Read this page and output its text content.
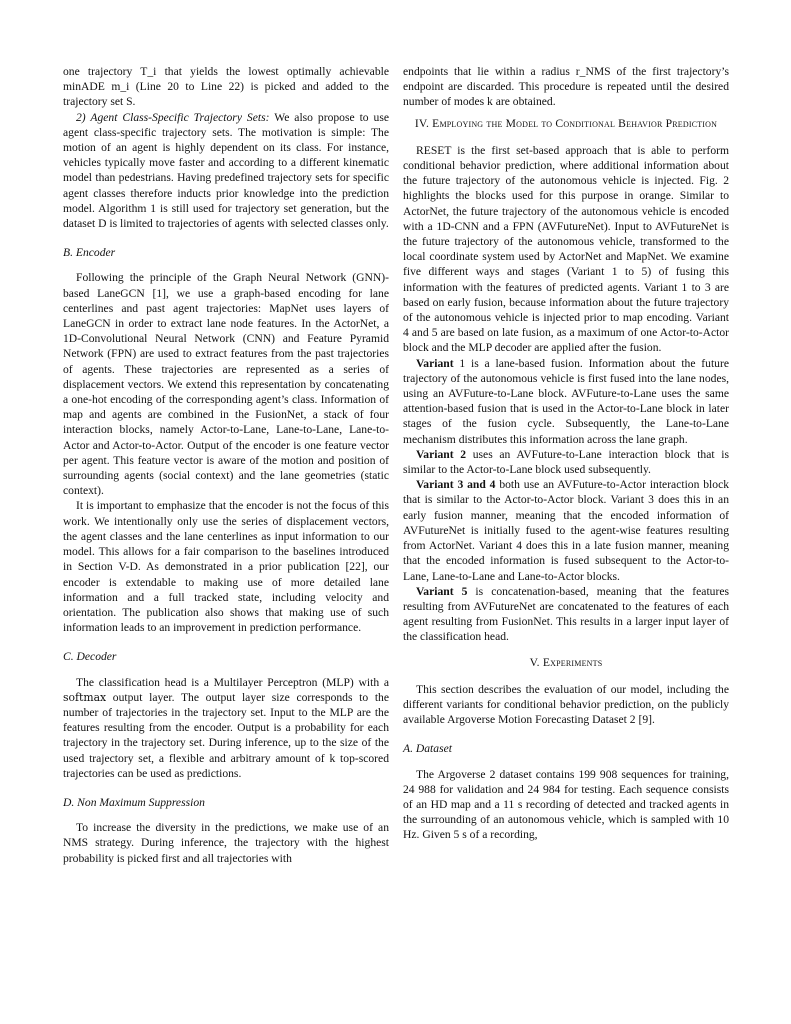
one trajectory T_i that yields the lowest optimally achievable minADE m_i (Line 20 to Line 22) is picked and added to the trajectory set S.

2) Agent Class-Specific Trajectory Sets: We also propose to use agent class-specific trajectory sets. The motivation is simple: The motion of an agent is highly dependent on its class. For instance, vehicles typically move faster and according to a different kinematic model than pedestrians. Having predefined trajectory sets for specific agent classes therefore inducts prior knowledge into the prediction model. Algorithm 1 is still used for trajectory set generation, but the dataset D is limited to trajectories of agents with selected classes only.

B. Encoder

Following the principle of the Graph Neural Network (GNN)-based LaneGCN [1], we use a graph-based encoding for lane centerlines and past agent trajectories: MapNet uses layers of LaneGCN in order to extract lane node features. In the ActorNet, a 1D-Convolutional Neural Network (CNN) and Feature Pyramid Network (FPN) are used to extract features from the past trajectories of agents. These trajectories are represented as a series of displacement vectors. We extend this representation by concatenating a one-hot encoding of the corresponding agent’s class. Information of map and agents are combined in the FusionNet, a stack of four interaction blocks, namely Actor-to-Lane, Lane-to-Lane, Lane-to-Actor and Actor-to-Actor. Output of the encoder is one feature vector per agent. This feature vector is aware of the motion and position of surrounding agents (social context) and the lane geometries (static context).

It is important to emphasize that the encoder is not the focus of this work. We intentionally only use the series of displacement vectors, the agent classes and the lane centerlines as input information to our model. This allows for a fair comparison to the baselines introduced in Section V-D. As demonstrated in a prior publication [22], our encoder is extendable to making use of more detailed lane information and a full tracked state, including velocity and orientation. The publication also shows that making use of such information leads to an improvement in prediction performance.

C. Decoder

The classification head is a Multilayer Perceptron (MLP) with a softmax output layer. The output layer size corresponds to the number of trajectories in the trajectory set. Input to the MLP are the features resulting from the encoder. Output is a probability for each trajectory in the trajectory set. During inference, up to the size of the used trajectory set, a flexible and arbitrary amount of k top-scored trajectories can be used as predictions.

D. Non Maximum Suppression

To increase the diversity in the predictions, we make use of an NMS strategy. During inference, the trajectory with the highest probability is picked first and all trajectories with

endpoints that lie within a radius r_NMS of the first trajectory’s endpoint are discarded. This procedure is repeated until the desired number of modes k are obtained.

IV. Employing the Model to Conditional Behavior Prediction

RESET is the first set-based approach that is able to perform conditional behavior prediction, where additional information about the future trajectory of the autonomous vehicle is injected. Fig. 2 highlights the blocks used for this purpose in orange. Similar to ActorNet, the future trajectory of the autonomous vehicle is encoded with a 1D-CNN and a FPN (AVFutureNet). Input to AVFutureNet is the future trajectory of the autonomous vehicle, transformed to the local coordinate system used by ActorNet and MapNet. We examine five different ways and stages (Variant 1 to 5) of fusing this information with the features of predicted agents. Variant 1 to 3 are based on early fusion, because information about the future trajectory of the autonomous vehicle is injected prior to map encoding. Variant 4 and 5 are based on late fusion, as a maximum of one Actor-to-Actor block and the MLP decoder are applied after the fusion.

Variant 1 is a lane-based fusion. Information about the future trajectory of the autonomous vehicle is first fused into the lane nodes, using an AVFuture-to-Lane block. AVFuture-to-Lane uses the same attention-based fusion that is used in the Actor-to-Lane block in later stages of the fusion cycle. Subsequently, the Lane-to-Lane mechanism distributes this information across the lane graph.

Variant 2 uses an AVFuture-to-Lane interaction block that is similar to the Actor-to-Lane block used subsequently.

Variant 3 and 4 both use an AVFuture-to-Actor interaction block that is similar to the Actor-to-Actor block. Variant 3 does this in an early fusion manner, meaning that the encoded information of AVFutureNet is initially fused to the agent-wise features resulting from ActorNet. Variant 4 does this in a late fusion manner, meaning that the encoded information is fused subsequent to the Actor-to-Lane, Lane-to-Lane and Lane-to-Actor blocks.

Variant 5 is concatenation-based, meaning that the features resulting from AVFutureNet are concatenated to the features of each agent resulting from FusionNet. This results in a larger input layer of the classification head.

V. Experiments

This section describes the evaluation of our model, including the different variants for conditional behavior prediction, on the publicly available Argoverse Motion Forecasting Dataset 2 [9].

A. Dataset

The Argoverse 2 dataset contains 199 908 sequences for training, 24 988 for validation and 24 984 for testing. Each sequence consists of an HD map and a 11 s recording of detected and tracked agents in the surrounding of an autonomous vehicle, which is sampled with 10 Hz. Given 5 s of a recording,
